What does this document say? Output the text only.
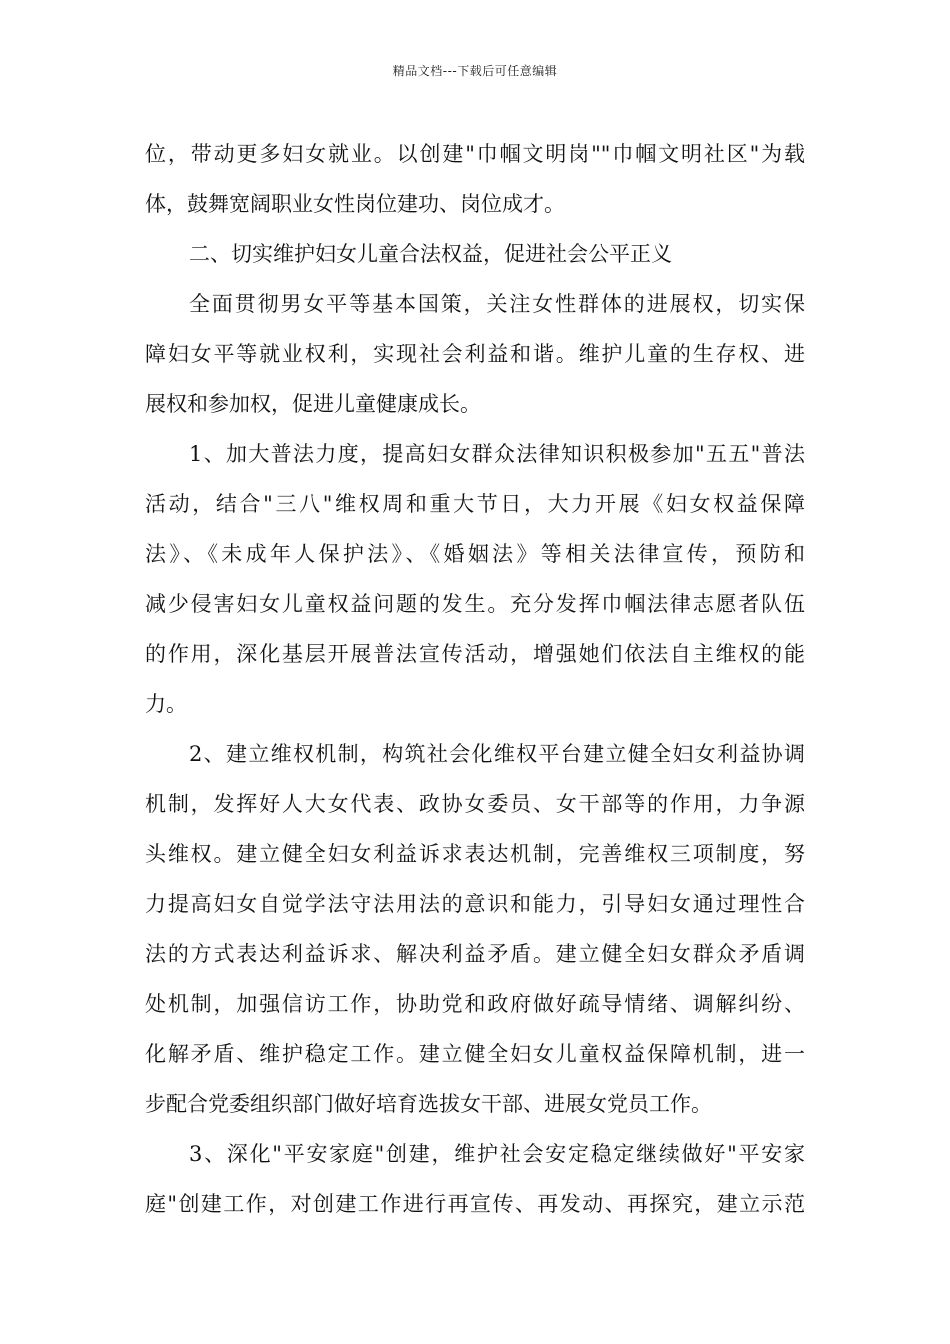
精品文档---下载后可任意编辑
位，带动更多妇女就业。以创建"巾帼文明岗""巾帼文明社区"为载
体，鼓舞宽阔职业女性岗位建功、岗位成才。
二、切实维护妇女儿童合法权益，促进社会公平正义
全面贯彻男女平等基本国策，关注女性群体的进展权，切实保
障妇女平等就业权利，实现社会利益和谐。维护儿童的生存权、进
展权和参加权，促进儿童健康成长。
1、加大普法力度，提高妇女群众法律知识积极参加"五五"普法
活动，结合"三八"维权周和重大节日，大力开展《妇女权益保障
法》、《未成年人保护法》、《婚姻法》等相关法律宣传，预防和
减少侵害妇女儿童权益问题的发生。充分发挥巾帼法律志愿者队伍
的作用，深化基层开展普法宣传活动，增强她们依法自主维权的能
力。
2、建立维权机制，构筑社会化维权平台建立健全妇女利益协调
机制，发挥好人大女代表、政协女委员、女干部等的作用，力争源
头维权。建立健全妇女利益诉求表达机制，完善维权三项制度，努
力提高妇女自觉学法守法用法的意识和能力，引导妇女通过理性合
法的方式表达利益诉求、解决利益矛盾。建立健全妇女群众矛盾调
处机制，加强信访工作，协助党和政府做好疏导情绪、调解纠纷、
化解矛盾、维护稳定工作。建立健全妇女儿童权益保障机制，进一
步配合党委组织部门做好培育选拔女干部、进展女党员工作。
3、深化"平安家庭"创建，维护社会安定稳定继续做好"平安家
庭"创建工作，对创建工作进行再宣传、再发动、再探究，建立示范
